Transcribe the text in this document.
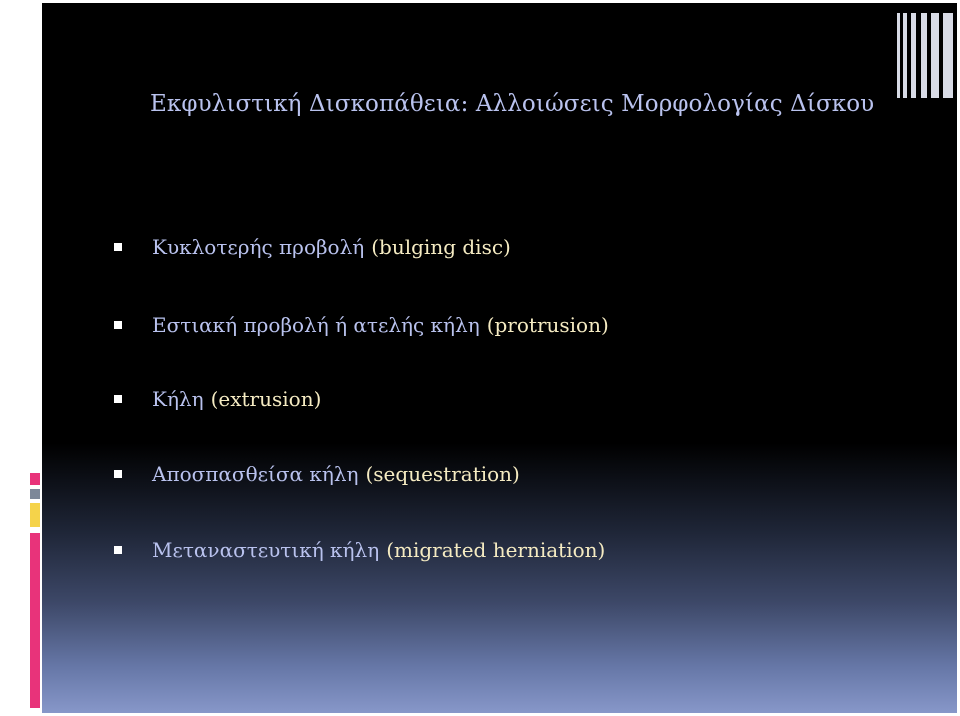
Εκφυλιστική Δισκοπάθεια: Αλλοιώσεις Μορφολογίας Δίσκου
Κυκλοτερής προβολή (bulging disc)
Εστιακή προβολή ή ατελής κήλη (protrusion)
Κήλη (extrusion)
Αποσπασθείσα κήλη (sequestration)
Μεταναστευτική κήλη (migrated herniation)
